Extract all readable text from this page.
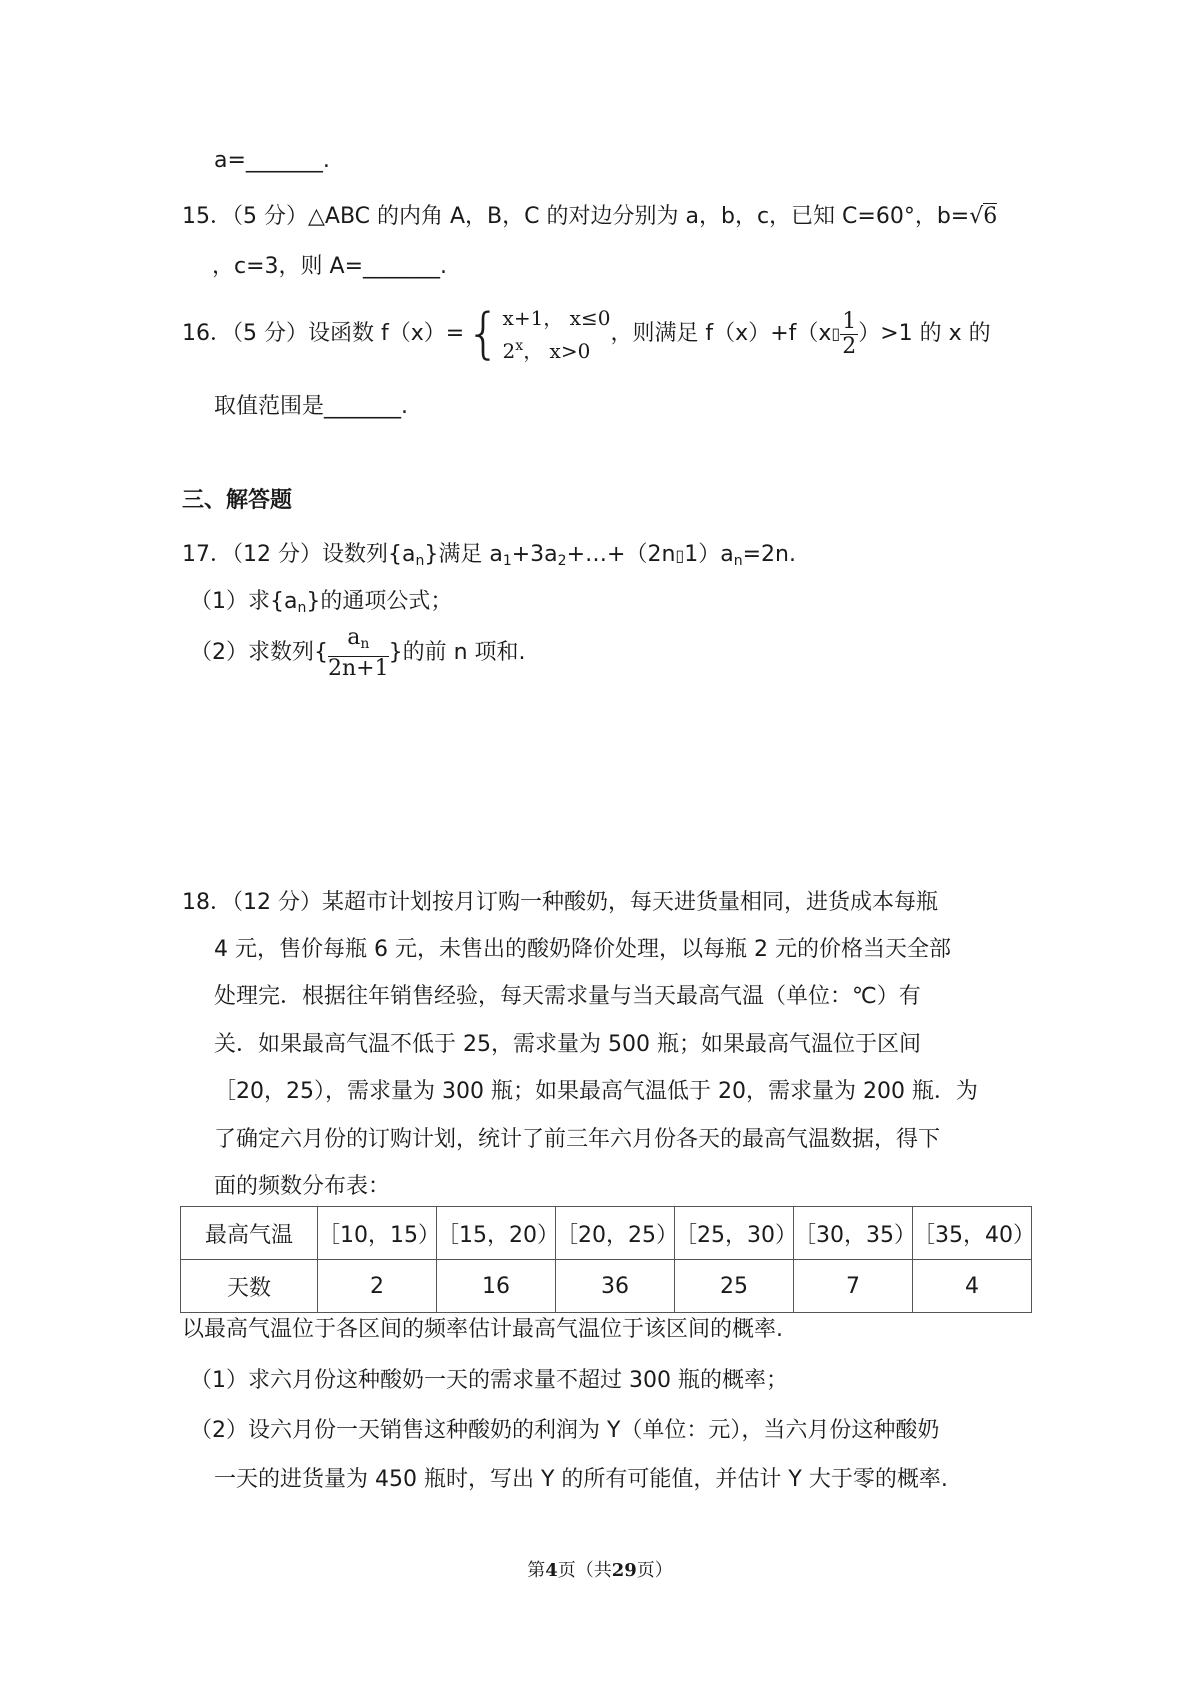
a=_______.
15．（5 分）△ABC 的内角 A，B，C 的对边分别为 a，b，c，已知 C=60°，b=√6
，c=3，则 A=_______.
16．（5 分）设函数 f（x）= { x+1， x≤0
2$^x$， x>0
，则满足 f（x）+f（x ▯ $\frac{1}{2} )>1$ 的 x 的
取值范围是_______.
三、解答题
17．（12 分）设数列$\{a_n\}$满足 $a_1+3a_2+\dots+(2n▯1)a_n=2n$.
（1）求$\{a_n\}$的通项公式；
（2）求数列{ $\frac{a_n}{2n+1}$ }的前 n 项和.
18．（12 分）某超市计划按月订购一种酸奶，每天进货量相同，进货成本每瓶
4 元，售价每瓶 6 元，未售出的酸奶降价处理，以每瓶 2 元的价格当天全部
处理完．根据往年销售经验，每天需求量与当天最高气温（单位：℃）有
关．如果最高气温不低于 25，需求量为 500 瓶；如果最高气温位于区间
［20，25），需求量为 300 瓶；如果最高气温低于 20，需求量为 200 瓶．为
了确定六月份的订购计划，统计了前三年六月份各天的最高气温数据，得下
面的频数分布表：
最高气温	［10，15）	［15，20）	［20，25）	［25，30）	［30，35）	［35，40）
天数	2	16	36	25	7	4
以最高气温位于各区间的频率估计最高气温位于该区间的概率.
（1）求六月份这种酸奶一天的需求量不超过 300 瓶的概率；
（2）设六月份一天销售这种酸奶的利润为 Y（单位：元），当六月份这种酸奶
一天的进货量为 450 瓶时，写出 Y 的所有可能值，并估计 Y 大于零的概率.
第4页（共29页）
